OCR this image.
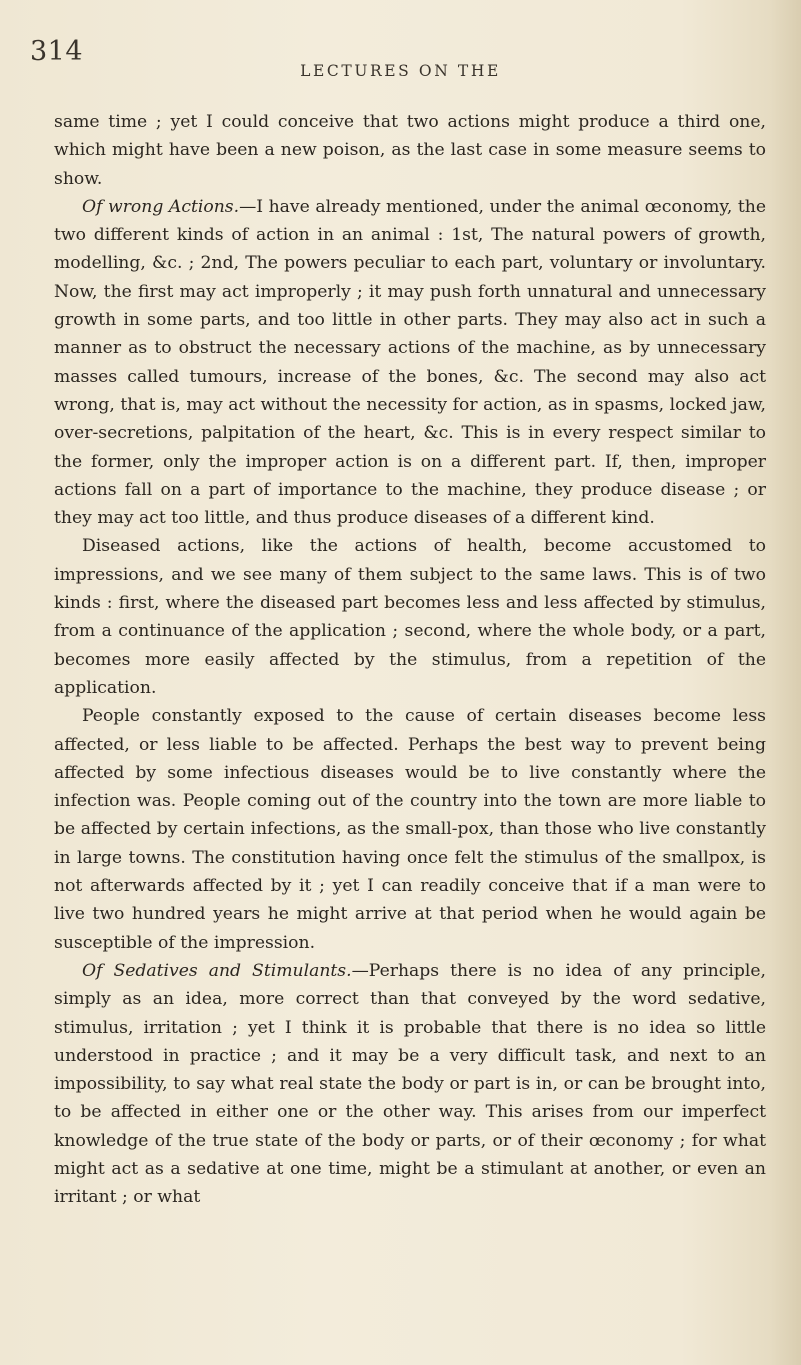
314
LECTURES ON THE

same time ; yet I could conceive that two actions might produce a third one, which might have been a new poison, as the last case in some measure seems to show.

Of wrong Actions.—I have already mentioned, under the animal œconomy, the two different kinds of action in an animal : 1st, The natural powers of growth, modelling, &c. ; 2nd, The powers peculiar to each part, voluntary or involuntary. Now, the first may act improperly ; it may push forth unnatural and unnecessary growth in some parts, and too little in other parts. They may also act in such a manner as to obstruct the necessary actions of the machine, as by unnecessary masses called tumours, increase of the bones, &c. The second may also act wrong, that is, may act without the necessity for action, as in spasms, locked jaw, over-secretions, palpitation of the heart, &c. This is in every respect similar to the former, only the improper action is on a different part. If, then, improper actions fall on a part of importance to the machine, they produce disease ; or they may act too little, and thus produce diseases of a different kind.

Diseased actions, like the actions of health, become accustomed to impressions, and we see many of them subject to the same laws. This is of two kinds : first, where the diseased part becomes less and less affected by stimulus, from a continuance of the application ; second, where the whole body, or a part, becomes more easily affected by the stimulus, from a repetition of the application.

People constantly exposed to the cause of certain diseases become less affected, or less liable to be affected. Perhaps the best way to prevent being affected by some infectious diseases would be to live constantly where the infection was. People coming out of the country into the town are more liable to be affected by certain infections, as the small-pox, than those who live constantly in large towns. The constitution having once felt the stimulus of the smallpox, is not afterwards affected by it ; yet I can readily conceive that if a man were to live two hundred years he might arrive at that period when he would again be susceptible of the impression.

Of Sedatives and Stimulants.—Perhaps there is no idea of any principle, simply as an idea, more correct than that conveyed by the word sedative, stimulus, irritation ; yet I think it is probable that there is no idea so little understood in practice ; and it may be a very difficult task, and next to an impossibility, to say what real state the body or part is in, or can be brought into, to be affected in either one or the other way. This arises from our imperfect knowledge of the true state of the body or parts, or of their œconomy ; for what might act as a sedative at one time, might be a stimulant at another, or even an irritant ; or what
